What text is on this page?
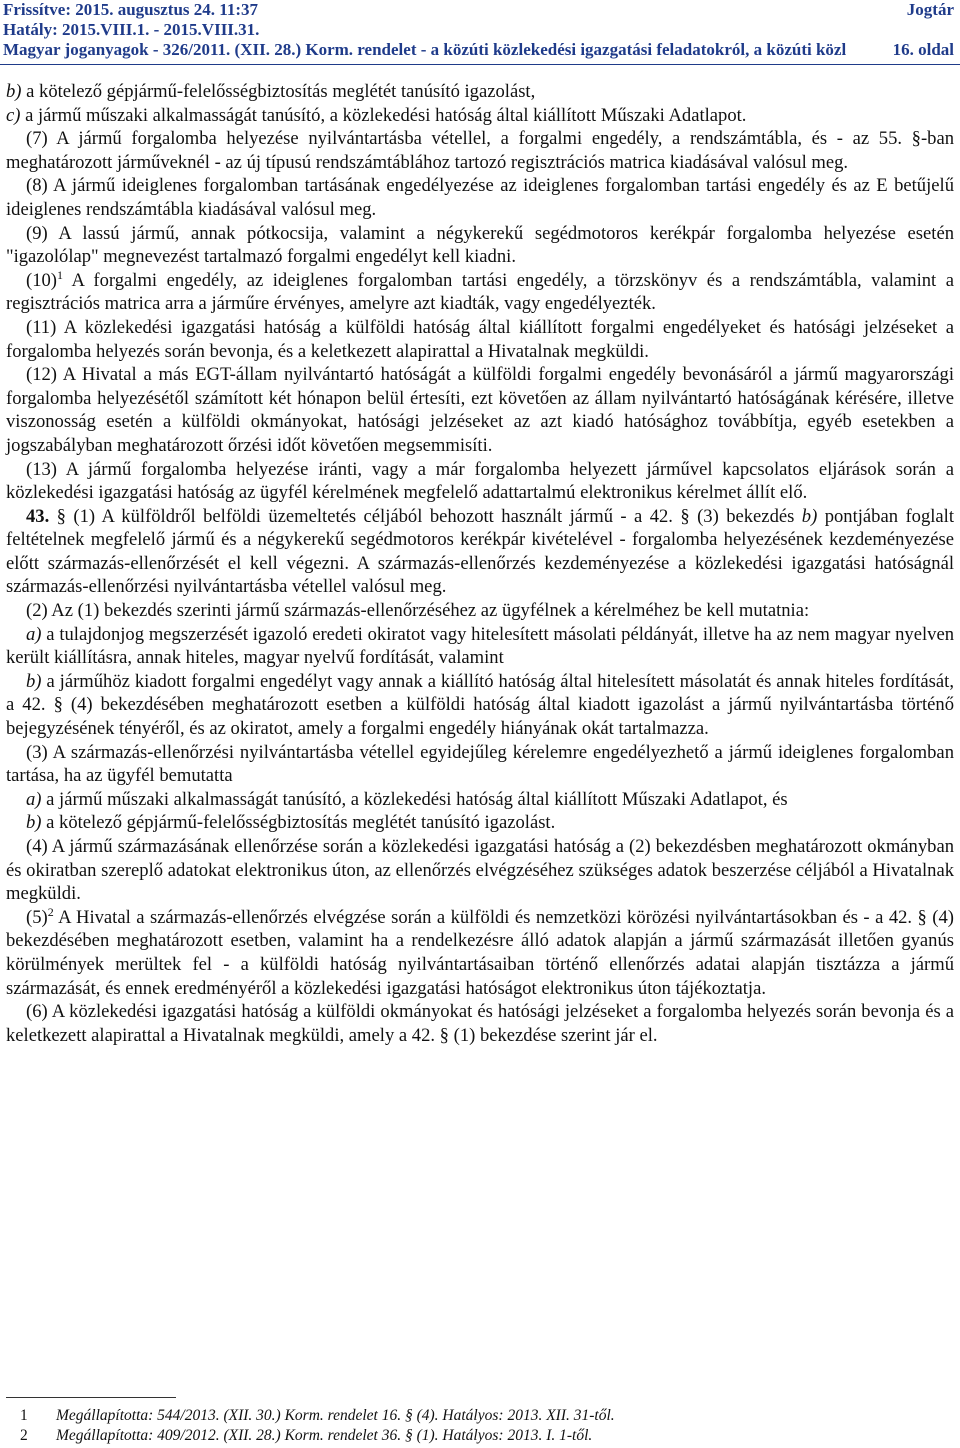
Frissítve: 2015. augusztus 24. 11:37
Hatály: 2015.VIII.1. - 2015.VIII.31.
Magyar joganyagok - 326/2011. (XII. 28.) Korm. rendelet - a közúti közlekedési igazgatási feladatokról, a közúti közl
Jogtár
16. oldal

b) a kötelező gépjármű-felelősségbiztosítás meglétét tanúsító igazolást,

c) a jármű műszaki alkalmasságát tanúsító, a közlekedési hatóság által kiállított Műszaki Adatlapot.

(7) A jármű forgalomba helyezése nyilvántartásba vétellel, a forgalmi engedély, a rendszámtábla, és - az 55. §-ban meghatározott járműveknél - az új típusú rendszámtáblához tartozó regisztrációs matrica kiadásával valósul meg.

(8) A jármű ideiglenes forgalomban tartásának engedélyezése az ideiglenes forgalomban tartási engedély és az E betűjelű ideiglenes rendszámtábla kiadásával valósul meg.

(9) A lassú jármű, annak pótkocsija, valamint a négykerekű segédmotoros kerékpár forgalomba helyezése esetén "igazolólap" megnevezést tartalmazó forgalmi engedélyt kell kiadni.

$(10)^1$ A forgalmi engedély, az ideiglenes forgalomban tartási engedély, a törzskönyv és a rendszámtábla, valamint a regisztrációs matrica arra a járműre érvényes, amelyre azt kiadták, vagy engedélyezték.

(11) A közlekedési igazgatási hatóság a külföldi hatóság által kiállított forgalmi engedélyeket és hatósági jelzéseket a forgalomba helyezés során bevonja, és a keletkezett alapirattal a Hivatalnak megküldi.

(12) A Hivatal a más EGT-állam nyilvántartó hatóságát a külföldi forgalmi engedély bevonásáról a jármű magyarországi forgalomba helyezésétől számított két hónapon belül értesíti, ezt követően az állam nyilvántartó hatóságának kérésére, illetve viszonosság esetén a külföldi okmányokat, hatósági jelzéseket az azt kiadó hatósághoz továbbítja, egyéb esetekben a jogszabályban meghatározott őrzési időt követően megsemmisíti.

(13) A jármű forgalomba helyezése iránti, vagy a már forgalomba helyezett járművel kapcsolatos eljárások során a közlekedési igazgatási hatóság az ügyfél kérelmének megfelelő adattartalmú elektronikus kérelmet állít elő.

43. § (1) A külföldről belföldi üzemeltetés céljából behozott használt jármű - a 42. § (3) bekezdés b) pontjában foglalt feltételnek megfelelő jármű és a négykerekű segédmotoros kerékpár kivételével - forgalomba helyezésének kezdeményezése előtt származás-ellenőrzését el kell végezni. A származás-ellenőrzés kezdeményezése a közlekedési igazgatási hatóságnál származás-ellenőrzési nyilvántartásba vétellel valósul meg.

(2) Az (1) bekezdés szerinti jármű származás-ellenőrzéséhez az ügyfélnek a kérelméhez be kell mutatnia:

a) a tulajdonjog megszerzését igazoló eredeti okiratot vagy hitelesített másolati példányát, illetve ha az nem magyar nyelven került kiállításra, annak hiteles, magyar nyelvű fordítását, valamint

b) a járműhöz kiadott forgalmi engedélyt vagy annak a kiállító hatóság által hitelesített másolatát és annak hiteles fordítását, a 42. § (4) bekezdésében meghatározott esetben a külföldi hatóság által kiadott igazolást a jármű nyilvántartásba történő bejegyzésének tényéről, és az okiratot, amely a forgalmi engedély hiányának okát tartalmazza.

(3) A származás-ellenőrzési nyilvántartásba vétellel egyidejűleg kérelemre engedélyezhető a jármű ideiglenes forgalomban tartása, ha az ügyfél bemutatta

a) a jármű műszaki alkalmasságát tanúsító, a közlekedési hatóság által kiállított Műszaki Adatlapot, és

b) a kötelező gépjármű-felelősségbiztosítás meglétét tanúsító igazolást.

(4) A jármű származásának ellenőrzése során a közlekedési igazgatási hatóság a (2) bekezdésben meghatározott okmányban és okiratban szereplő adatokat elektronikus úton, az ellenőrzés elvégzéséhez szükséges adatok beszerzése céljából a Hivatalnak megküldi.

$(5)^2$ A Hivatal a származás-ellenőrzés elvégzése során a külföldi és nemzetközi körözési nyilvántartásokban és - a 42. § (4) bekezdésében meghatározott esetben, valamint ha a rendelkezésre álló adatok alapján a jármű származását illetően gyanús körülmények merültek fel - a külföldi hatóság nyilvántartásaiban történő ellenőrzés adatai alapján tisztázza a jármű származását, és ennek eredményéről a közlekedési igazgatási hatóságot elektronikus úton tájékoztatja.

(6) A közlekedési igazgatási hatóság a külföldi okmányokat és hatósági jelzéseket a forgalomba helyezés során bevonja és a keletkezett alapirattal a Hivatalnak megküldi, amely a 42. § (1) bekezdése szerint jár el.

1 Megállapította: 544/2013. (XII. 30.) Korm. rendelet 16. § (4). Hatályos: 2013. XII. 31-től.
2 Megállapította: 409/2012. (XII. 28.) Korm. rendelet 36. § (1). Hatályos: 2013. I. 1-től.
